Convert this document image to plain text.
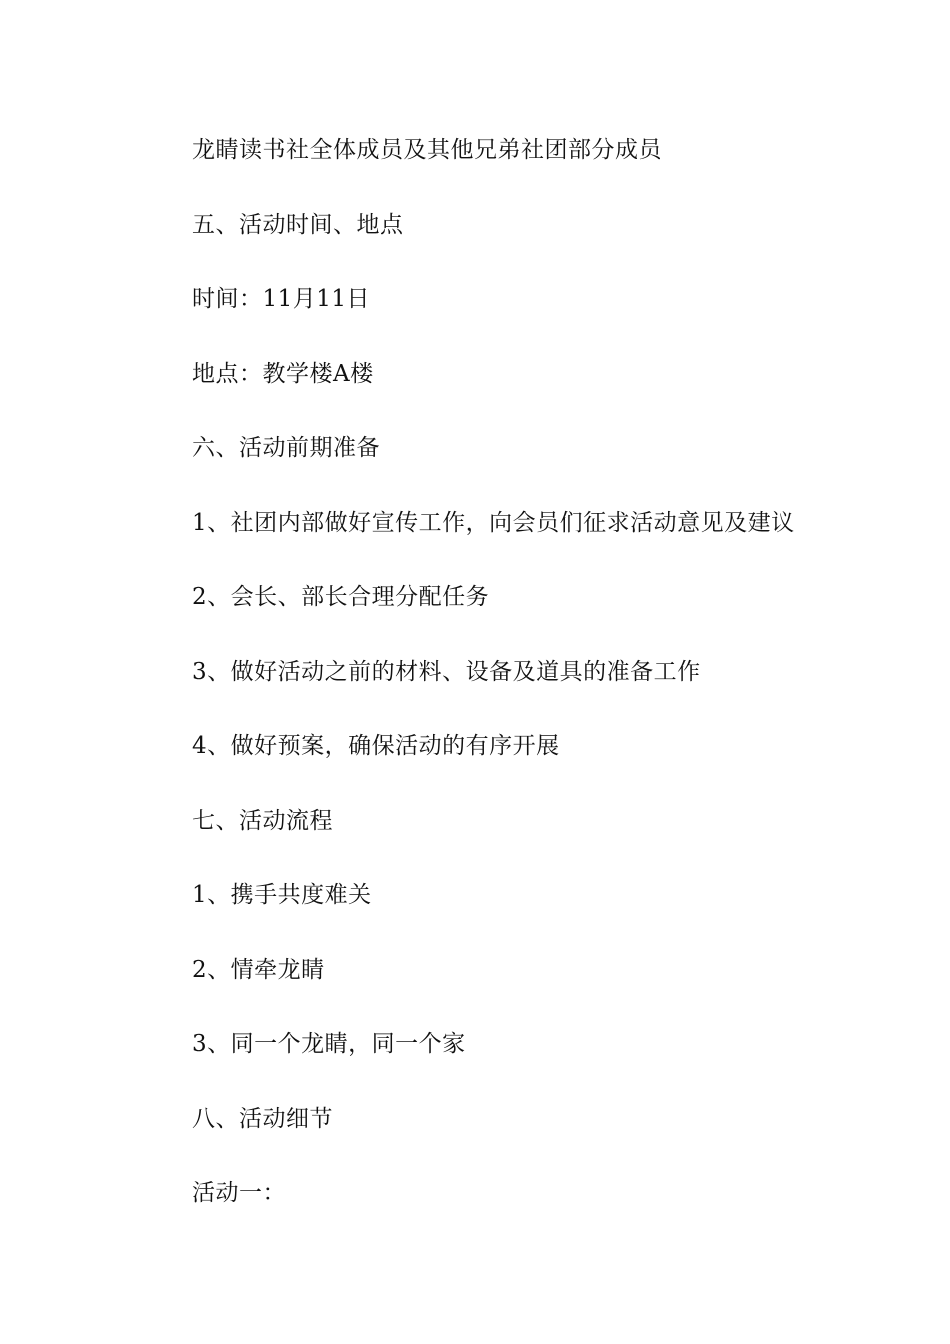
龙睛读书社全体成员及其他兄弟社团部分成员

五、活动时间、地点

时间：11月11日

地点：教学楼A楼

六、活动前期准备

1、社团内部做好宣传工作，向会员们征求活动意见及建议

2、会长、部长合理分配任务

3、做好活动之前的材料、设备及道具的准备工作

4、做好预案，确保活动的有序开展

七、活动流程

1、携手共度难关

2、情牵龙睛

3、同一个龙睛，同一个家

八、活动细节

活动一：
